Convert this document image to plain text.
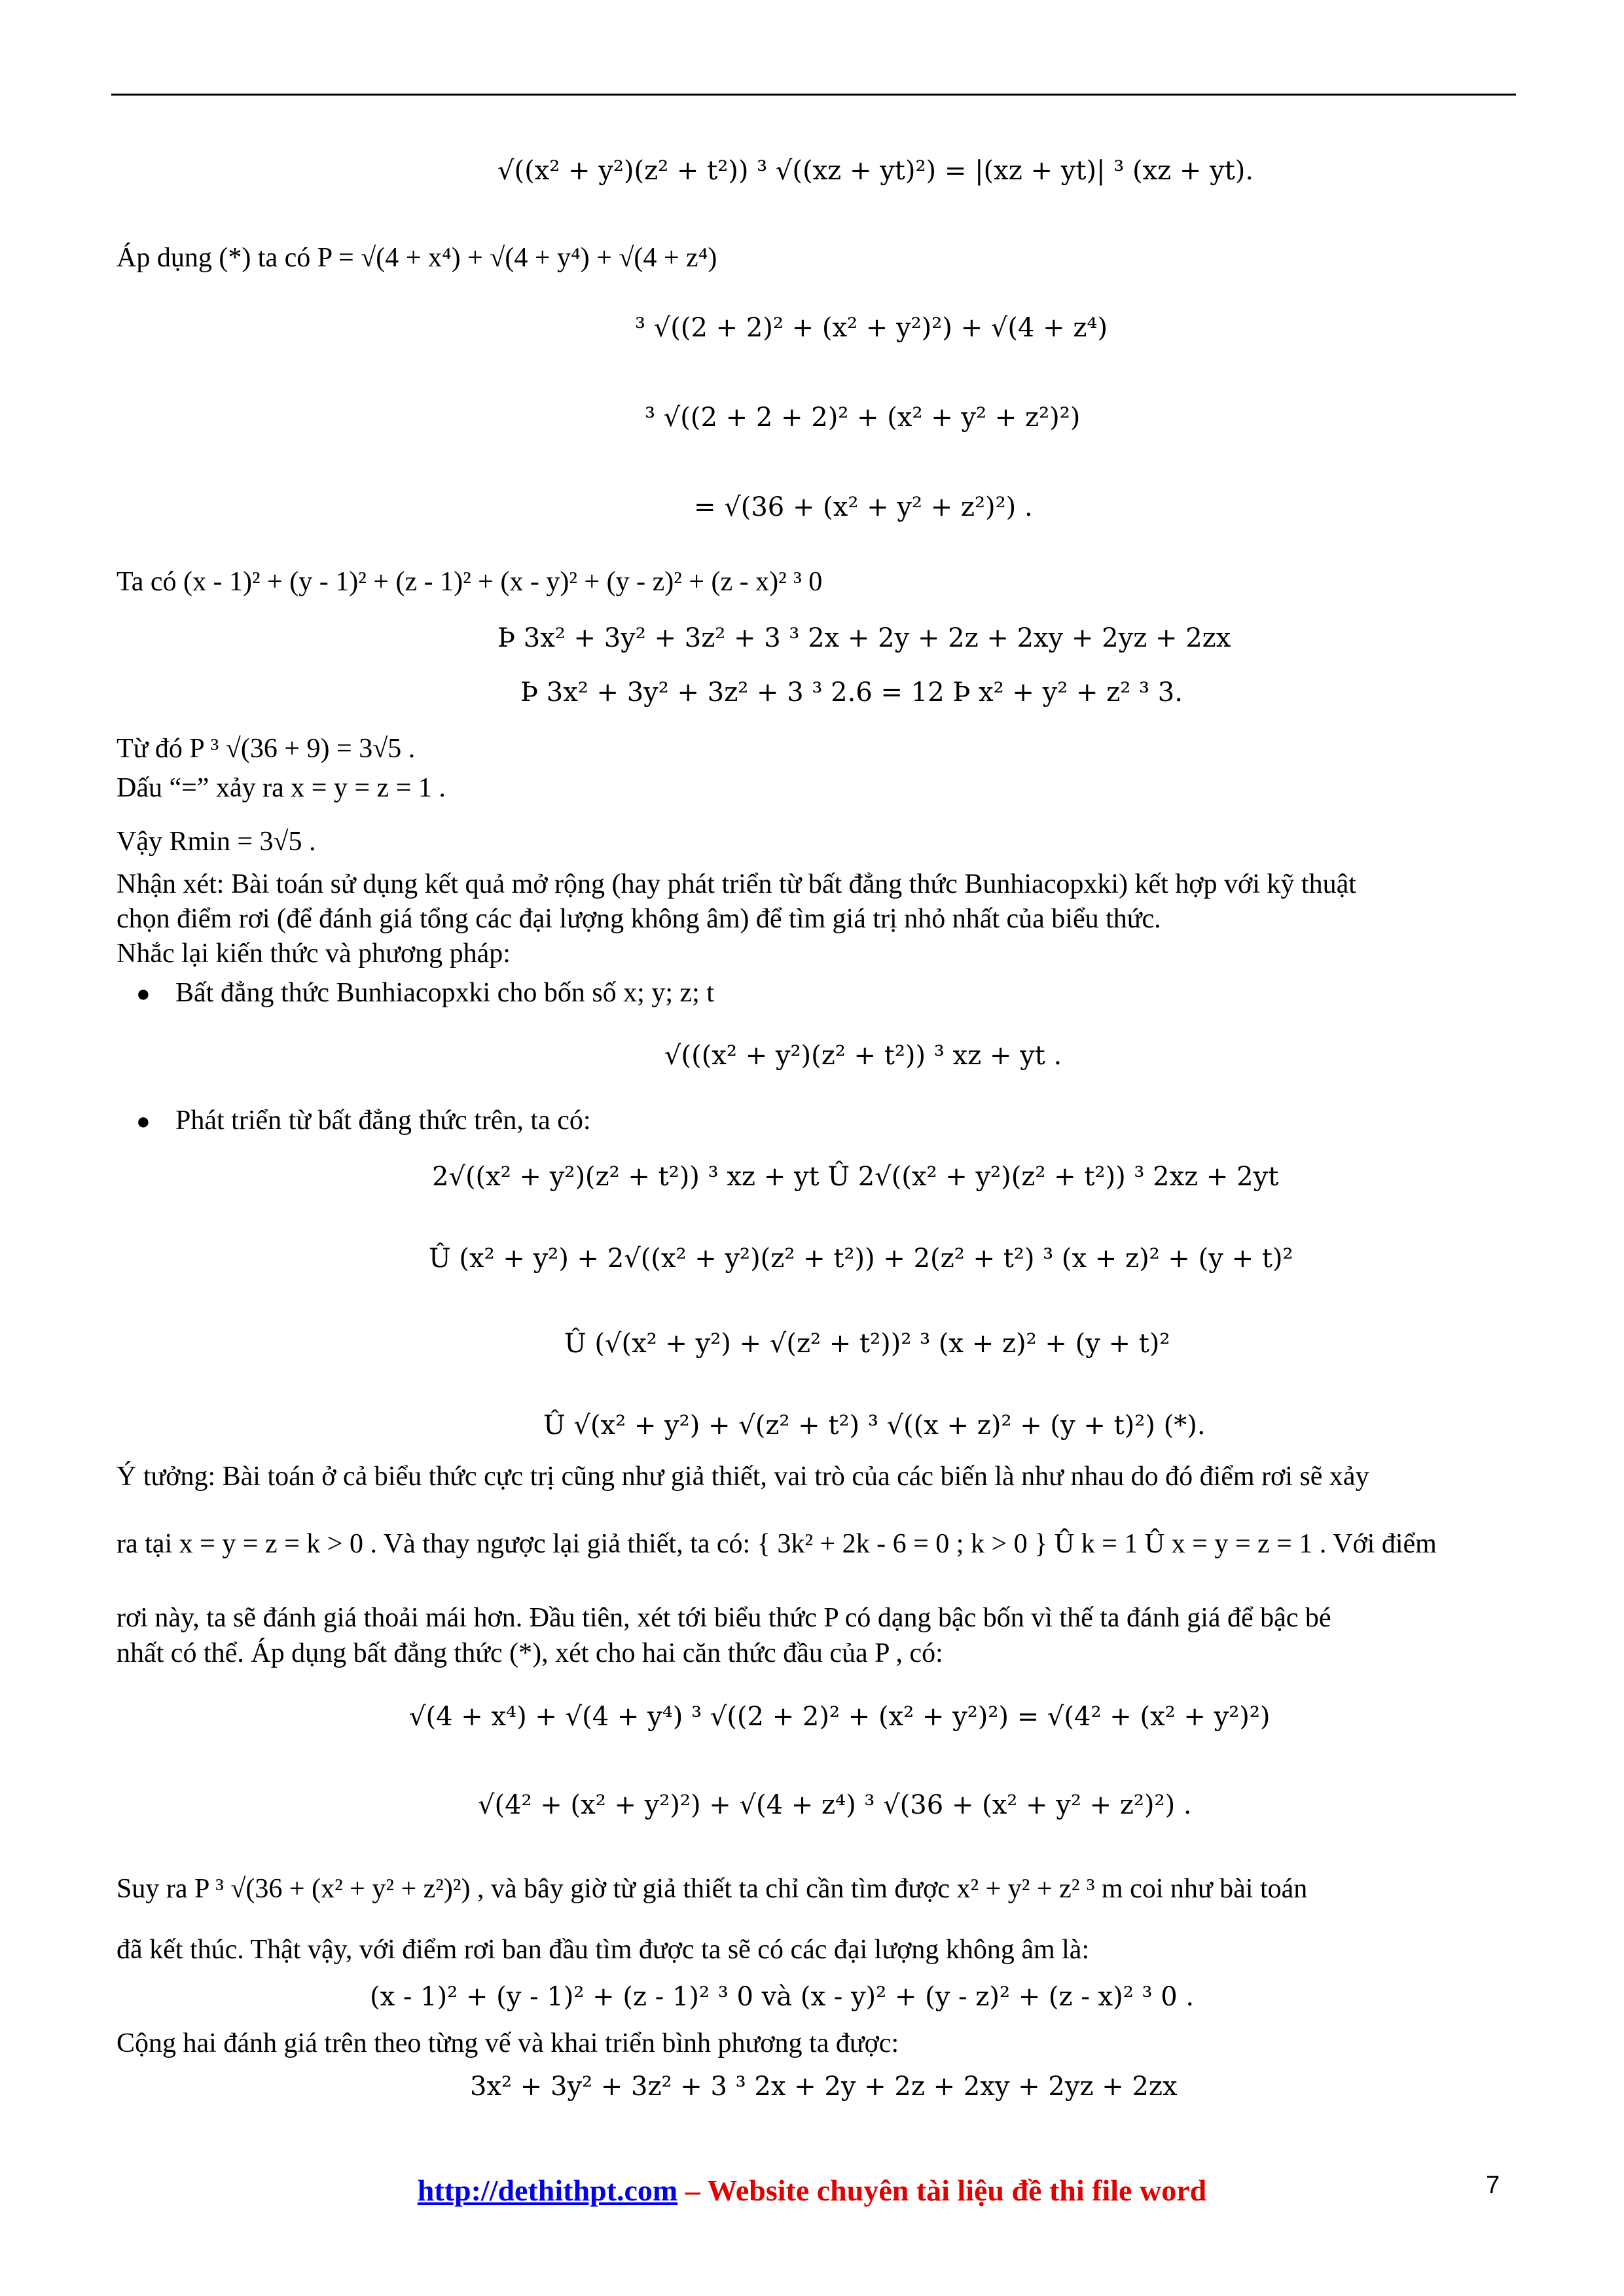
√((x² + y²)(z² + t²)) ³ √((xz + yt)²) = |(xz + yt)| ³ (xz + yt).
Áp dụng (*) ta có P = √(4 + x⁴) + √(4 + y⁴) + √(4 + z⁴)
³ √((2 + 2)² + (x² + y²)²) + √(4 + z⁴)
³ √((2 + 2 + 2)² + (x² + y² + z²)²)
= √(36 + (x² + y² + z²)²) .
Ta có (x - 1)² + (y - 1)² + (z - 1)² + (x - y)² + (y - z)² + (z - x)² ³ 0
Þ 3x² + 3y² + 3z² + 3 ³ 2x + 2y + 2z + 2xy + 2yz + 2zx
Þ 3x² + 3y² + 3z² + 3 ³ 2.6 = 12 Þ x² + y² + z² ³ 3.
Từ đó P ³ √(36 + 9) = 3√5 .
Dấu “=” xảy ra x = y = z = 1 .
Vậy Rmin = 3√5 .
Nhận xét: Bài toán sử dụng kết quả mở rộng (hay phát triển từ bất đẳng thức Bunhiacopxki) kết hợp với kỹ thuật
chọn điểm rơi (để đánh giá tổng các đại lượng không âm) để tìm giá trị nhỏ nhất của biểu thức.
Nhắc lại kiến thức và phương pháp:
Bất đẳng thức Bunhiacopxki cho bốn số x; y; z; t
√(((x² + y²)(z² + t²)) ³ xz + yt .
Phát triển từ bất đẳng thức trên, ta có:
2√((x² + y²)(z² + t²)) ³ xz + yt Û 2√((x² + y²)(z² + t²)) ³ 2xz + 2yt
Û (x² + y²) + 2√((x² + y²)(z² + t²)) + 2(z² + t²) ³ (x + z)² + (y + t)²
Û (√(x² + y²) + √(z² + t²))² ³ (x + z)² + (y + t)²
Û √(x² + y²) + √(z² + t²) ³ √((x + z)² + (y + t)²) (*).
Ý tưởng: Bài toán ở cả biểu thức cực trị cũng như giả thiết, vai trò của các biến là như nhau do đó điểm rơi sẽ xảy
ra tại x = y = z = k > 0 . Và thay ngược lại giả thiết, ta có: { 3k² + 2k - 6 = 0 ; k > 0 } Û k = 1 Û x = y = z = 1 . Với điểm
rơi này, ta sẽ đánh giá thoải mái hơn. Đầu tiên, xét tới biểu thức P có dạng bậc bốn vì thế ta đánh giá để bậc bé
nhất có thể. Áp dụng bất đẳng thức (*), xét cho hai căn thức đầu của P , có:
√(4 + x⁴) + √(4 + y⁴) ³ √((2 + 2)² + (x² + y²)²) = √(4² + (x² + y²)²)
√(4² + (x² + y²)²) + √(4 + z⁴) ³ √(36 + (x² + y² + z²)²) .
Suy ra P ³ √(36 + (x² + y² + z²)²) , và bây giờ từ giả thiết ta chỉ cần tìm được x² + y² + z² ³ m coi như bài toán
đã kết thúc. Thật vậy, với điểm rơi ban đầu tìm được ta sẽ có các đại lượng không âm là:
(x - 1)² + (y - 1)² + (z - 1)² ³ 0 và (x - y)² + (y - z)² + (z - x)² ³ 0 .
Cộng hai đánh giá trên theo từng vế và khai triển bình phương ta được:
3x² + 3y² + 3z² + 3 ³ 2x + 2y + 2z + 2xy + 2yz + 2zx
●
●
http://dethithpt.com – Website chuyên tài liệu đề thi file word	7
